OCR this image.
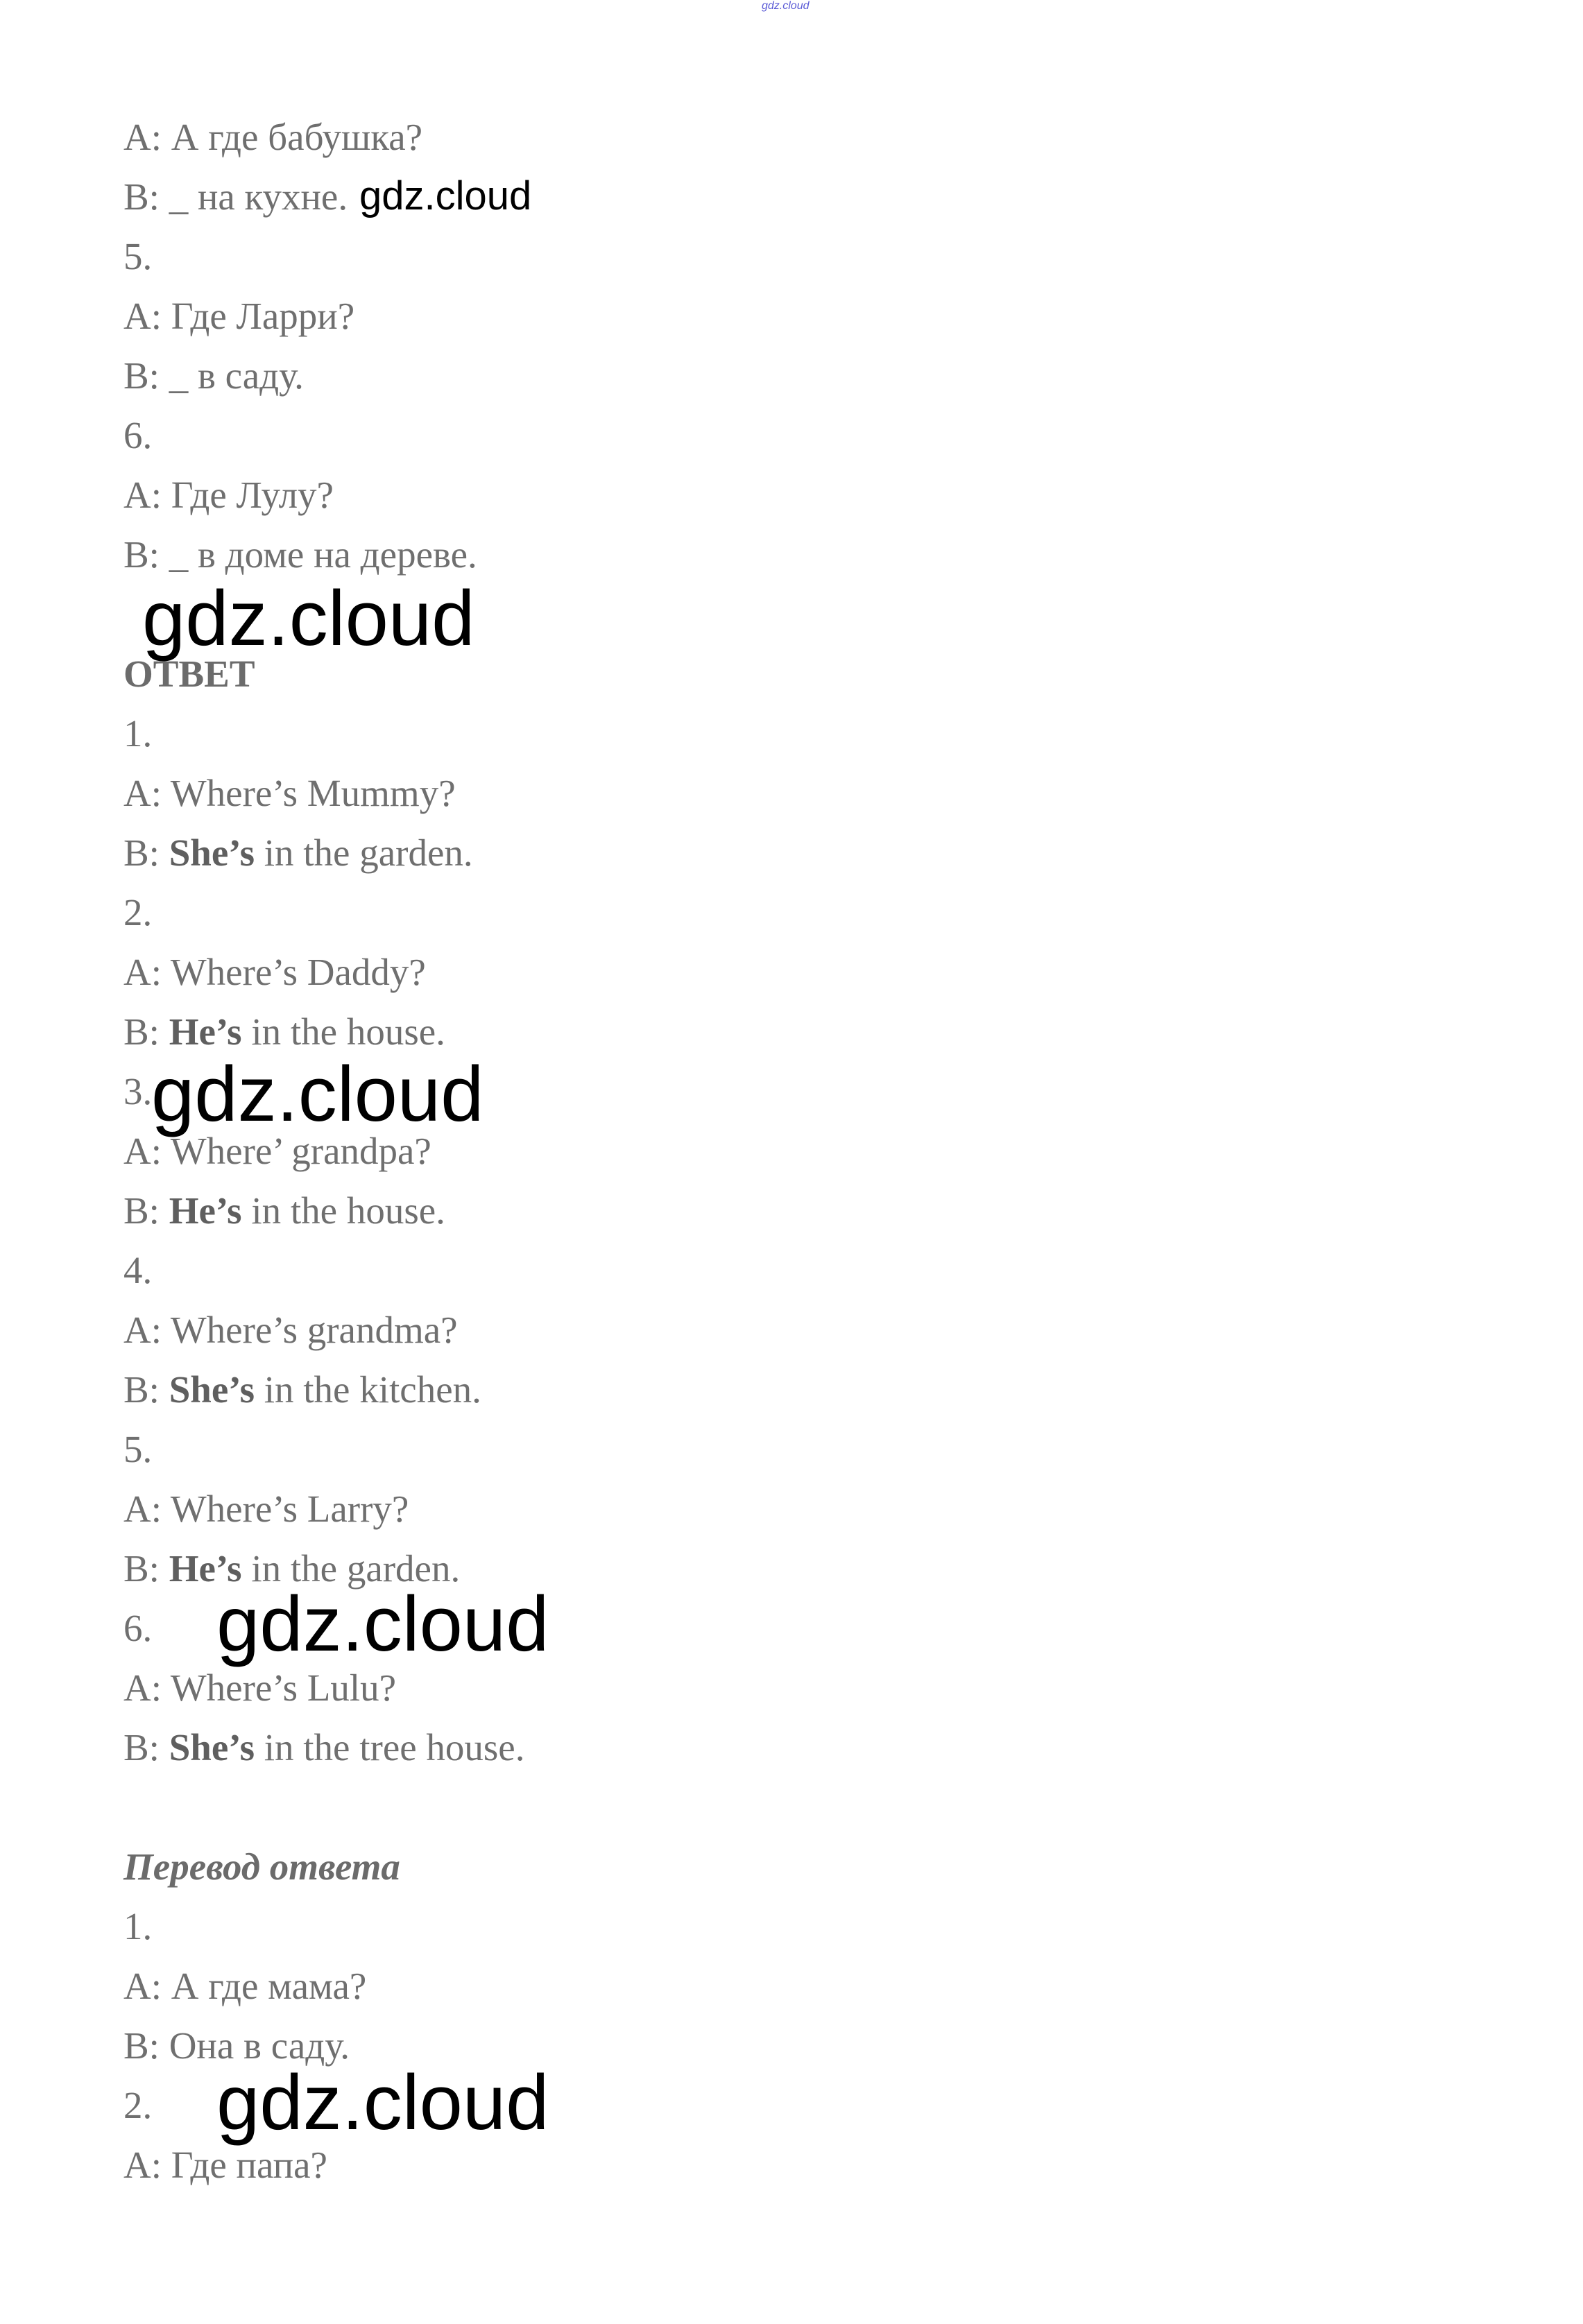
gdz.cloud
А: А где бабушка?
В: _ на кухне.
5.
А: Где Ларри?
В: _ в саду.
6.
А: Где Лулу?
В: _ в доме на дереве.
ОТВЕТ
1.
A: Where’s Mummy?
B: She’s in the garden.
2.
A: Where’s Daddy?
B: He’s in the house.
3.
A: Where’ grandpa?
B: He’s in the house.
4.
A: Where’s grandma?
B: She’s in the kitchen.
5.
A: Where’s Larry?
B: He’s in the garden.
6.
A: Where’s Lulu?
B: She’s in the tree house.
Перевод ответа
1.
А: А где мама?
В: Она в саду.
2.
А: Где папа?
gdz.cloud
gdz.cloud
gdz.cloud
gdz.cloud
gdz.cloud
